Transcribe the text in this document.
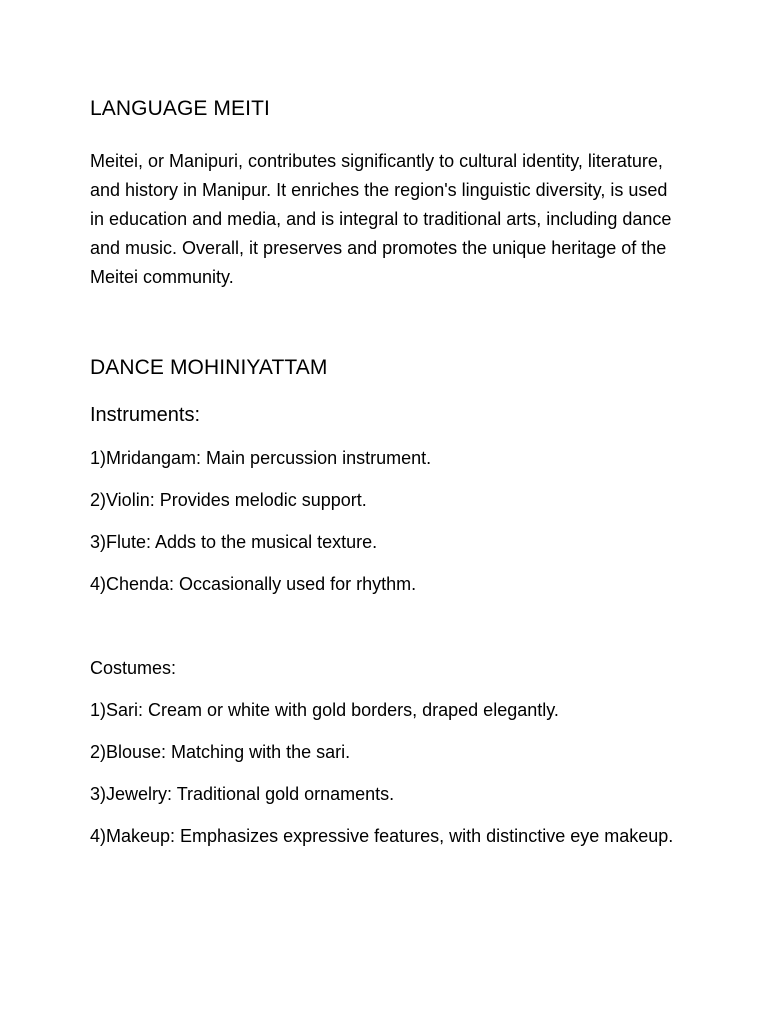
LANGUAGE MEITI

Meitei, or Manipuri, contributes significantly to cultural identity, literature, and history in Manipur. It enriches the region's linguistic diversity, is used in education and media, and is integral to traditional arts, including dance and music. Overall, it preserves and promotes the unique heritage of the Meitei community.

DANCE MOHINIYATTAM
Instruments:

1)Mridangam: Main percussion instrument.

2)Violin: Provides melodic support.

3)Flute: Adds to the musical texture.

4)Chenda: Occasionally used for rhythm.

Costumes:

1)Sari: Cream or white with gold borders, draped elegantly.

2)Blouse: Matching with the sari.

3)Jewelry: Traditional gold ornaments.

4)Makeup: Emphasizes expressive features, with distinctive eye makeup.
